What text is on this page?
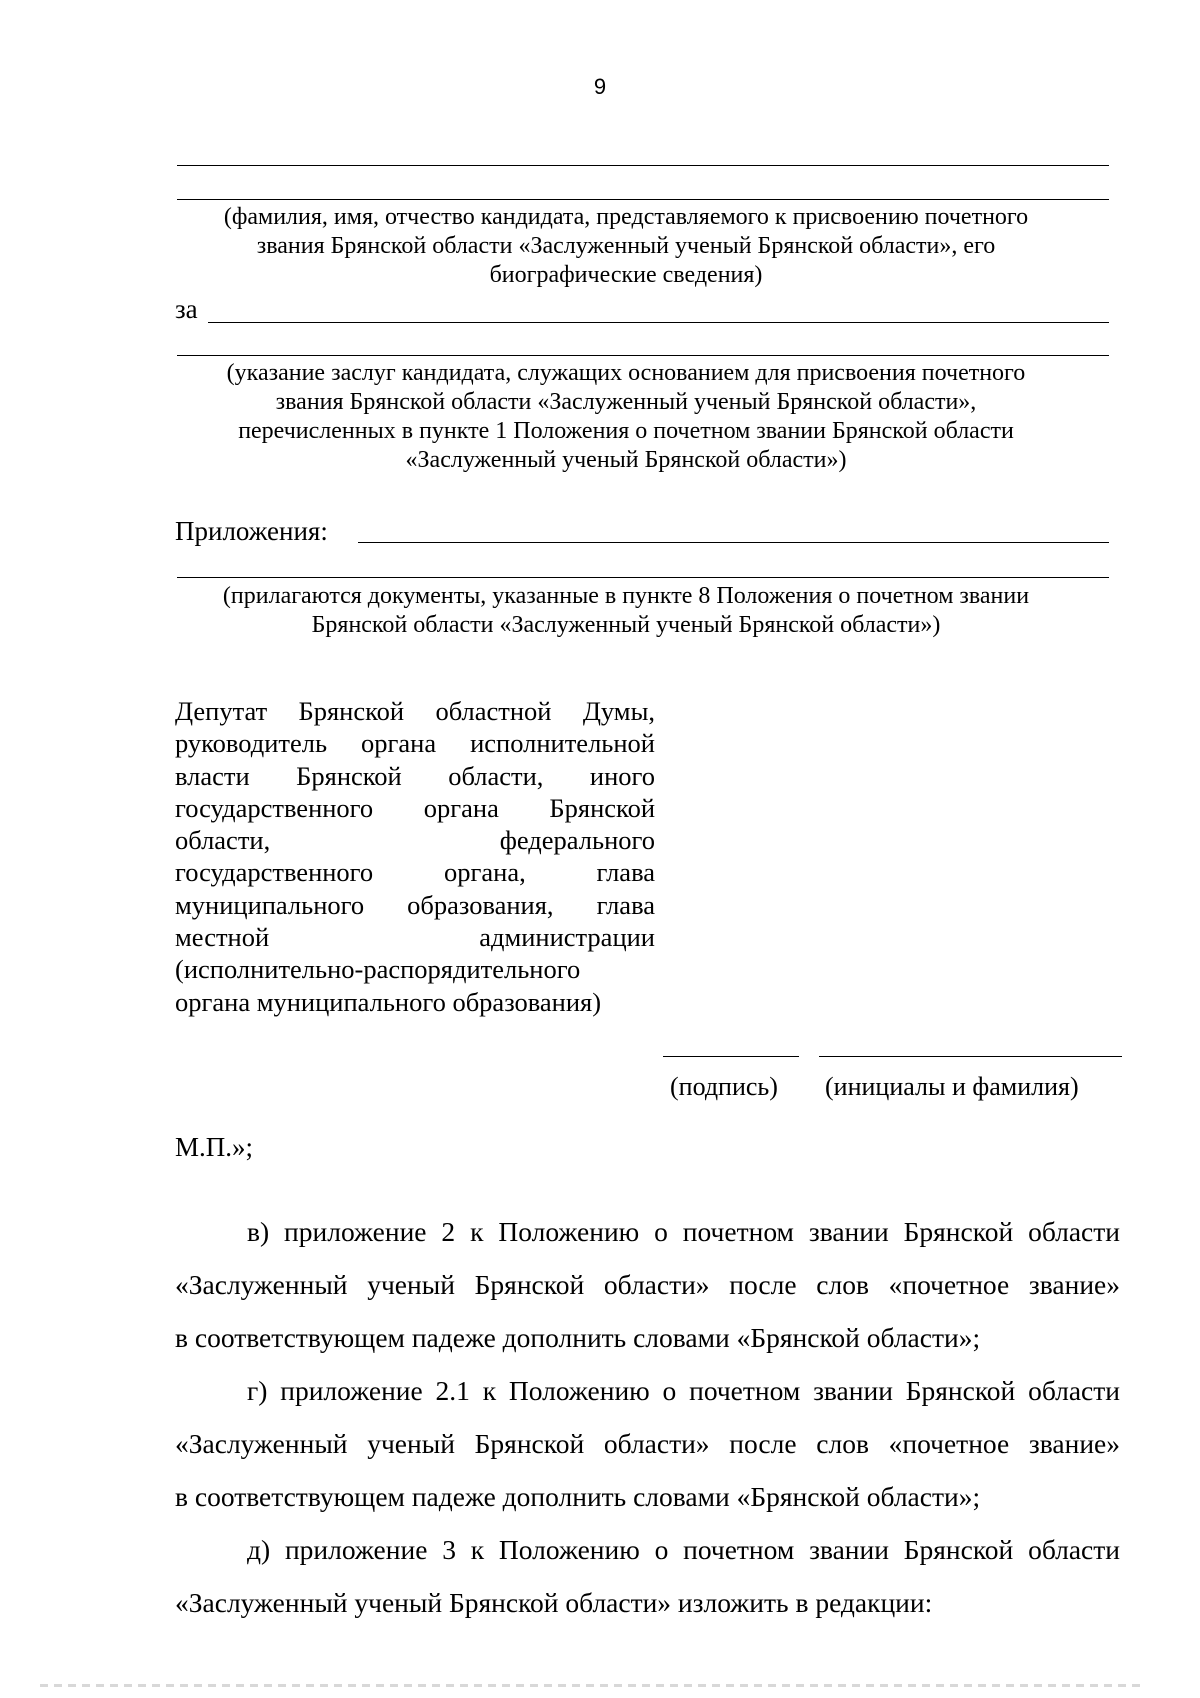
9
(фамилия, имя, отчество кандидата, представляемого к присвоению почетного
звания Брянской области «Заслуженный ученый Брянской области», его
биографические сведения)
за
(указание заслуг кандидата, служащих основанием для присвоения почетного
звания Брянской области «Заслуженный ученый Брянской области»,
перечисленных в пункте 1 Положения о почетном звании Брянской области
«Заслуженный ученый Брянской области»)
Приложения:
(прилагаются документы, указанные в пункте 8 Положения о почетном звании
Брянской области «Заслуженный ученый Брянской области»)
Депутат Брянской областной Думы,
руководитель органа исполнительной
власти Брянской области, иного
государственного органа Брянской
области, федерального
государственного органа, глава
муниципального образования, глава
местной администрации
(исполнительно-распорядительного
органа муниципального образования)
(подпись) (инициалы и фамилия)
М.П.»;
в) приложение 2 к Положению о почетном звании Брянской области
«Заслуженный ученый Брянской области» после слов «почетное звание»
в соответствующем падеже дополнить словами «Брянской области»;
г) приложение 2.1 к Положению о почетном звании Брянской области
«Заслуженный ученый Брянской области» после слов «почетное звание»
в соответствующем падеже дополнить словами «Брянской области»;
д) приложение 3 к Положению о почетном звании Брянской области
«Заслуженный ученый Брянской области» изложить в редакции:
